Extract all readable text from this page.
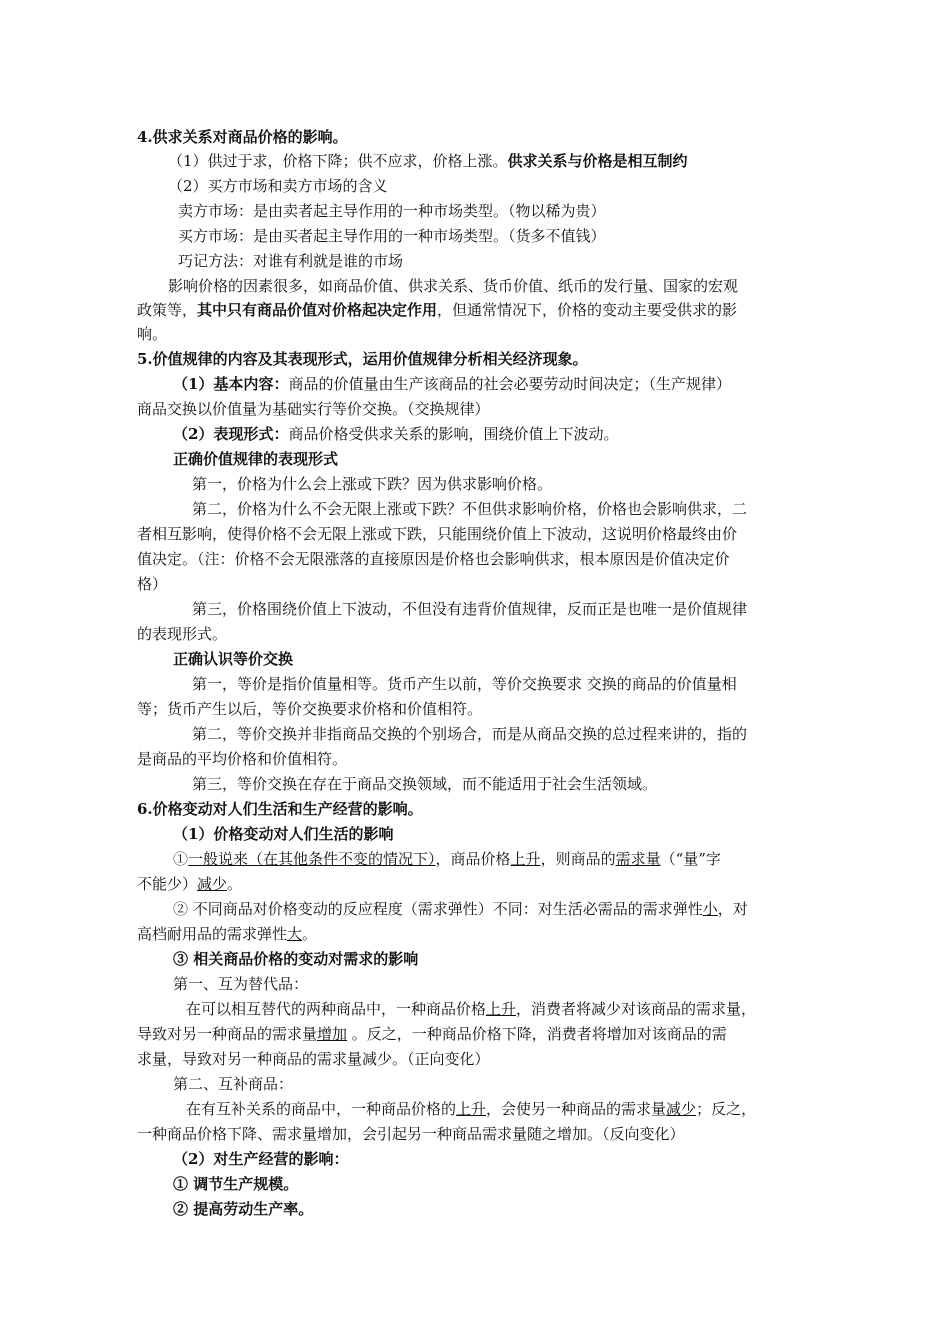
4.供求关系对商品价格的影响。
（1）供过于求，价格下降；供不应求，价格上涨。供求关系与价格是相互制约
（2）买方市场和卖方市场的含义
卖方市场：是由卖者起主导作用的一种市场类型。（物以稀为贵）
买方市场：是由买者起主导作用的一种市场类型。（货多不值钱）
巧记方法：对谁有利就是谁的市场
影响价格的因素很多，如商品价值、供求关系、货币价值、纸币的发行量、国家的宏观
政策等，其中只有商品价值对价格起决定作用，但通常情况下，价格的变动主要受供求的影
响。
5.价值规律的内容及其表现形式，运用价值规律分析相关经济现象。
（1）基本内容：商品的价值量由生产该商品的社会必要劳动时间决定；（生产规律）
商品交换以价值量为基础实行等价交换。（交换规律）
（2）表现形式：商品价格受供求关系的影响，围绕价值上下波动。
正确价值规律的表现形式
第一，价格为什么会上涨或下跌？因为供求影响价格。
第二，价格为什么不会无限上涨或下跌？不但供求影响价格，价格也会影响供求，二
者相互影响，使得价格不会无限上涨或下跌，只能围绕价值上下波动，这说明价格最终由价
值决定。（注：价格不会无限涨落的直接原因是价格也会影响供求，根本原因是价值决定价
格）
第三，价格围绕价值上下波动，不但没有违背价值规律，反而正是也唯一是价值规律
的表现形式。
正确认识等价交换
第一，等价是指价值量相等。货币产生以前，等价交换要求 交换的商品的价值量相
等；货币产生以后，等价交换要求价格和价值相符。
第二，等价交换并非指商品交换的个别场合，而是从商品交换的总过程来讲的，指的
是商品的平均价格和价值相符。
第三，等价交换在存在于商品交换领域，而不能适用于社会生活领域。
6.价格变动对人们生活和生产经营的影响。
（1）价格变动对人们生活的影响
①一般说来（在其他条件不变的情况下），商品价格上升，则商品的需求量（“量”字
不能少）减少。
② 不同商品对价格变动的反应程度（需求弹性）不同：对生活必需品的需求弹性小，对
高档耐用品的需求弹性大。
③ 相关商品价格的变动对需求的影响
第一、互为替代品：
在可以相互替代的两种商品中，一种商品价格上升，消费者将减少对该商品的需求量，
导致对另一种商品的需求量增加 。反之，一种商品价格下降，消费者将增加对该商品的需
求量，导致对另一种商品的需求量减少。（正向变化）
第二、互补商品：
在有互补关系的商品中，一种商品价格的上升，会使另一种商品的需求量减少；反之，
一种商品价格下降、需求量增加，会引起另一种商品需求量随之增加。（反向变化）
（2）对生产经营的影响：
① 调节生产规模。
② 提高劳动生产率。
